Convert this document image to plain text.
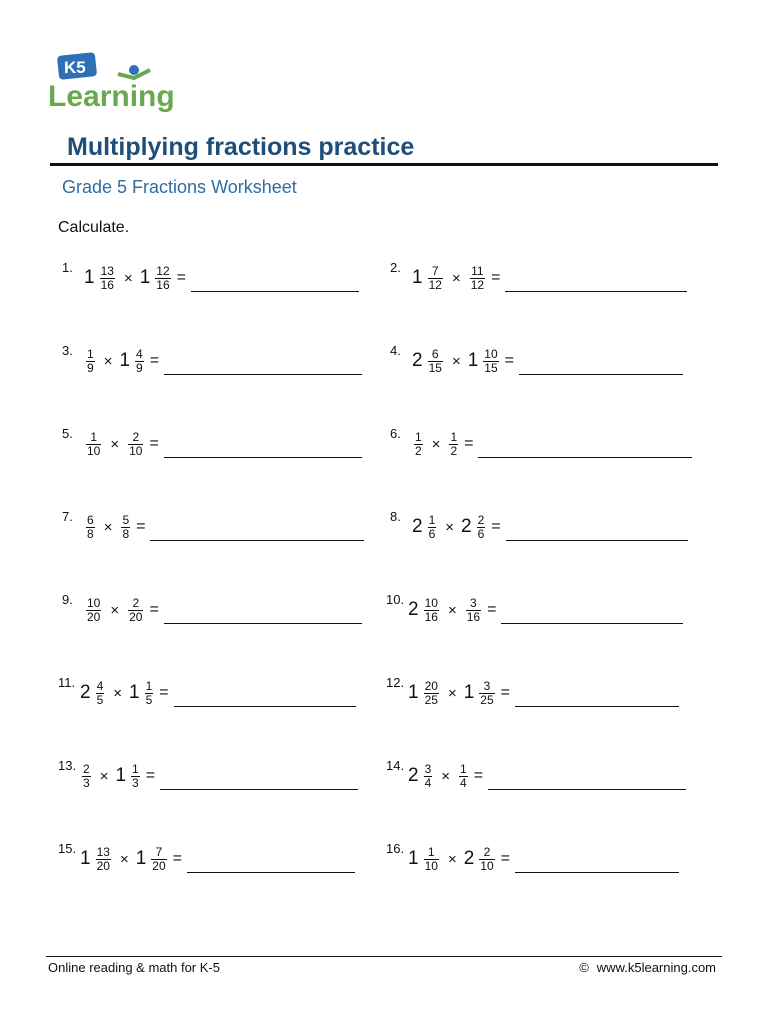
K5
Learning
Multiplying fractions practice
Grade 5 Fractions Worksheet
Calculate.
1. $1 \frac{13}{16} \times 1 \frac{12}{16}$ =
3.	$\frac{1}{9} \times 1 \frac{4}{9}$ =
5.	$\frac{1}{10} \times \frac{2}{10}$ =
7.	$\frac{6}{8} \times \frac{5}{8}$ =
9.	$\frac{10}{20} \times \frac{2}{20}$ =
11. $2 \frac{4}{5} \times 1 \frac{1}{5}$ =
13. $\frac{2}{3} \times 1 \frac{1}{3}$ =
15. $1 \frac{13}{20} \times 1 \frac{7}{20}$ =
2. $1 \frac{7}{12} \times \frac{11}{12}$ =
4. $2 \frac{6}{15} \times 1 \frac{10}{15}$ =
6.	$\frac{1}{2} \times \frac{1}{2}$ =
8. $2 \frac{1}{6} \times 2 \frac{2}{6}$ =
10. $2 \frac{10}{16} \times \frac{3}{16}$ =
12. $1 \frac{20}{25} \times 1 \frac{3}{25}$ =
14. $2 \frac{3}{4} \times \frac{1}{4}$ =
16. $1 \frac{1}{10} \times 2 \frac{2}{10}$ =
Online reading & math for K-5	© www.k5learning.com
